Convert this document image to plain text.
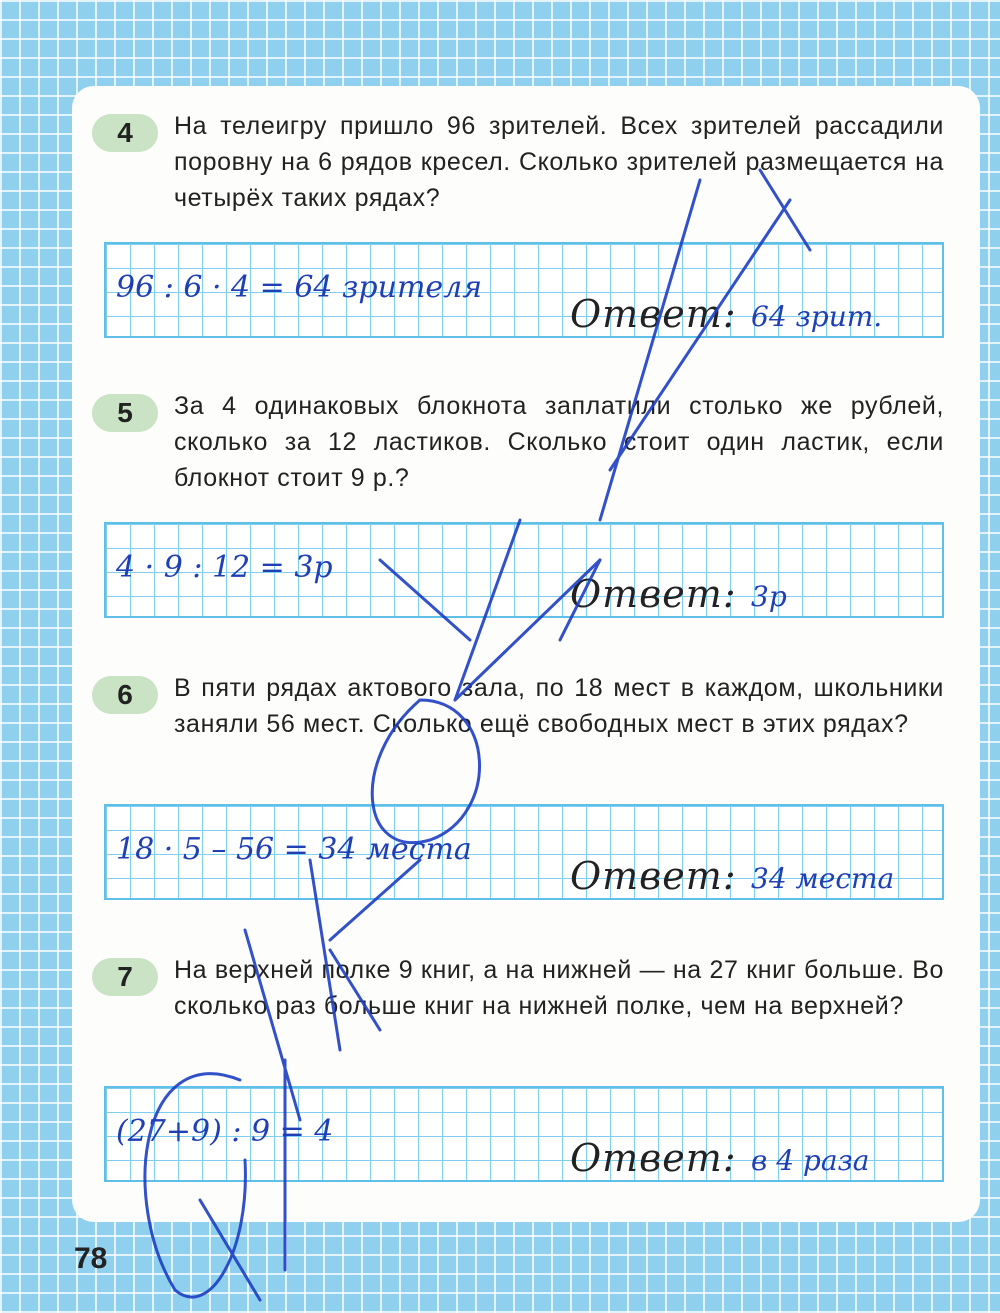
4	На телеигру пришло 96 зрителей. Всех зрителей рассадили поровну на 6 рядов кресел. Сколько зрителей размещается на четырёх таких рядах?
96 : 6 · 4 = 64 зрителя
Ответ: 64 зрит.
5	За 4 одинаковых блокнота заплатили столько же рублей, сколько за 12 ластиков. Сколько стоит один ластик, если блокнот стоит 9 р.?
4 · 9 : 12 = 3р
Ответ: 3р
6	В пяти рядах актового зала, по 18 мест в каждом, школьники заняли 56 мест. Сколько ещё свободных мест в этих рядах?
18 · 5 – 56 = 34 места
Ответ: 34 места
7	На верхней полке 9 книг, а на нижней — на 27 книг больше. Во сколько раз больше книг на нижней полке, чем на верхней?
(27+9) : 9 = 4
Ответ: в 4 раза
78
